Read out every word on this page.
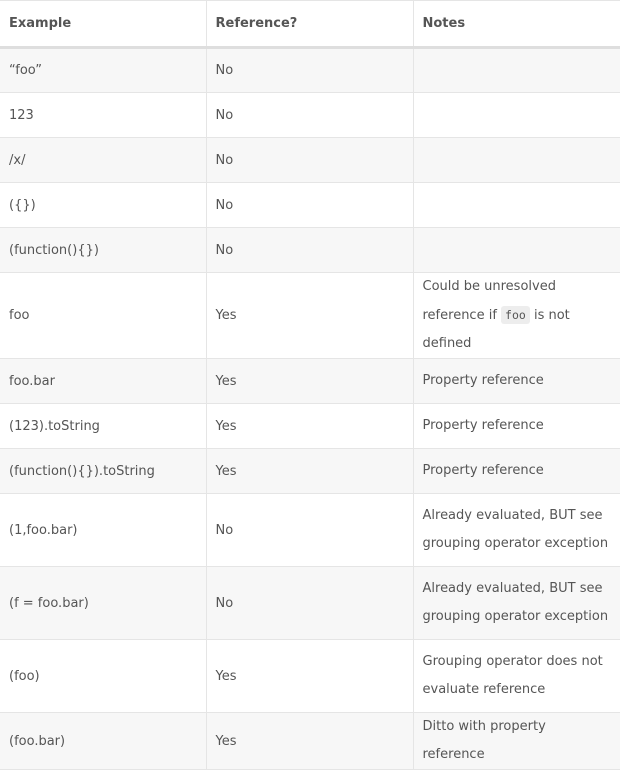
Example	Reference?	Notes
“foo”	No	
123	No	
/x/	No	
({})	No	
(function(){})	No	
foo	Yes	Could be unresolved reference if foo is not defined
foo.bar	Yes	Property reference
(123).toString	Yes	Property reference
(function(){}).toString	Yes	Property reference
(1,foo.bar)	No	Already evaluated, BUT see grouping operator exception
(f = foo.bar)	No	Already evaluated, BUT see grouping operator exception
(foo)	Yes	Grouping operator does not evaluate reference
(foo.bar)	Yes	Ditto with property reference
